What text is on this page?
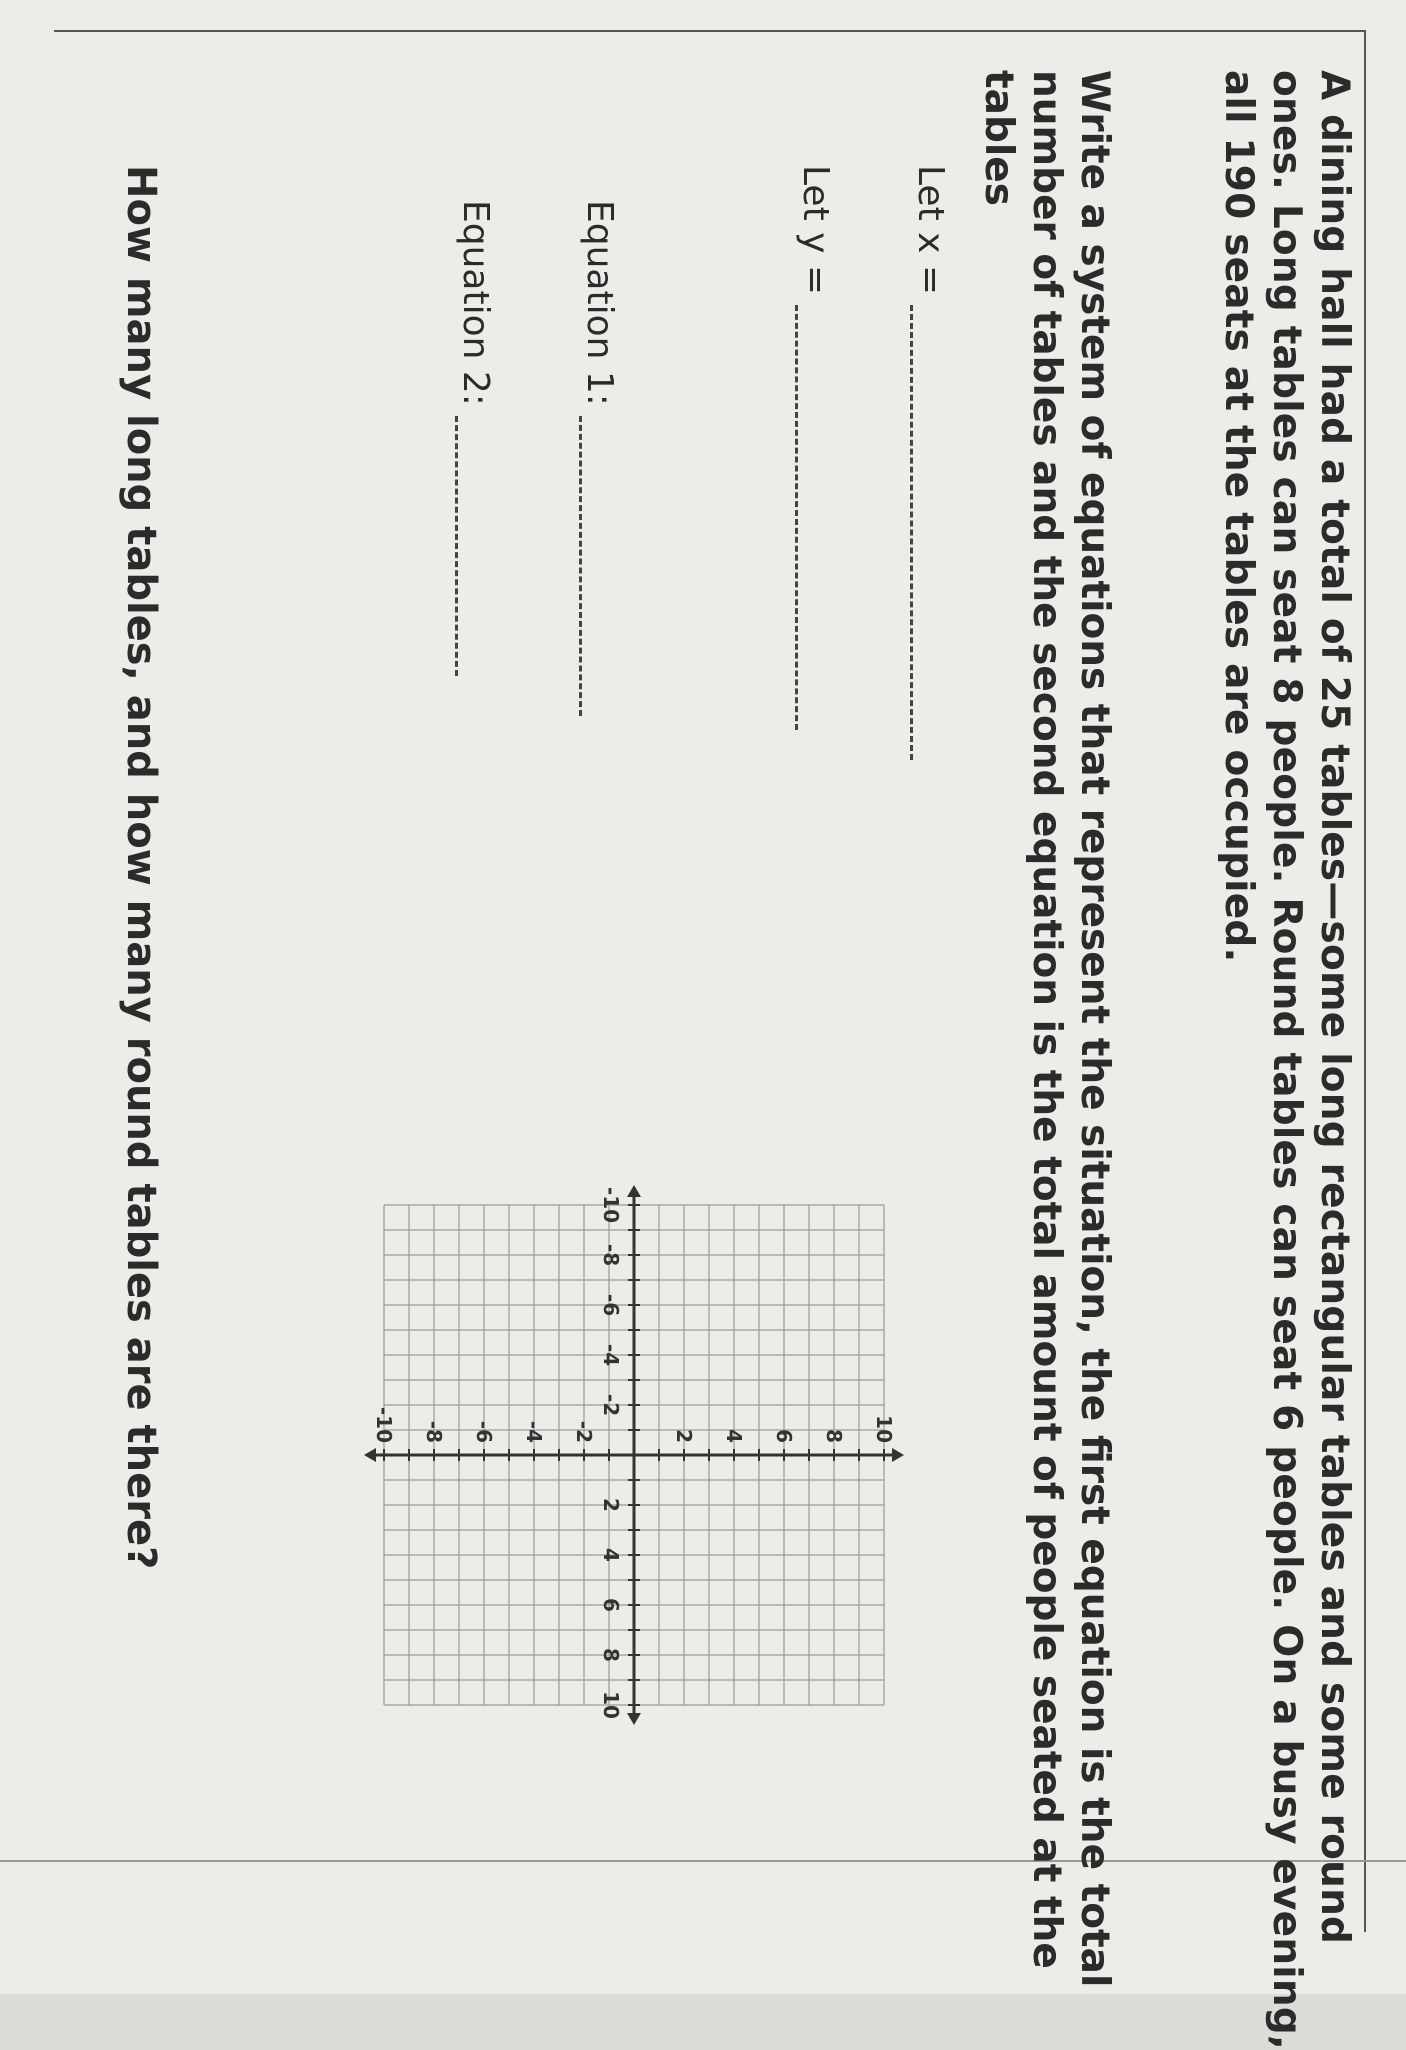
A dining hall had a total of 25 tables—some long rectangular tables and some round
ones. Long tables can seat 8 people. Round tables can seat 6 people. On a busy evening,
all 190 seats at the tables are occupied.
Write a system of equations that represent the situation, the first equation is the total
number of tables and the second equation is the total amount of people seated at the
tables
Let x =
Let y =
Equation 1:
Equation 2:
How many long tables, and how many round tables are there?	-10
-8
-6
-4
-2
2
4
6
8
10
10
8
6
4
2
-2
-4
-6
-8
-10
